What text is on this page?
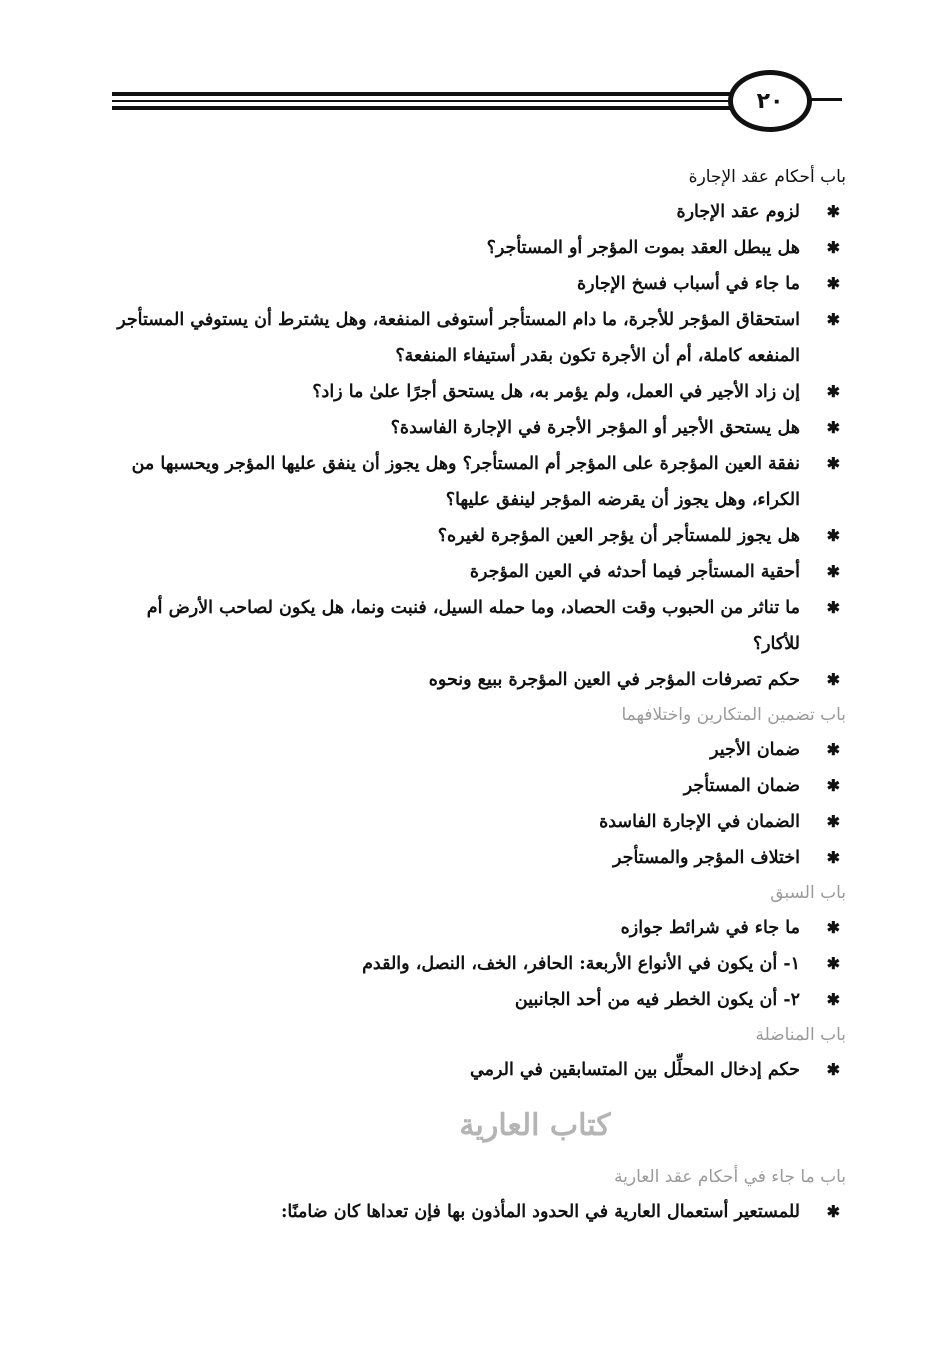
٢٠
باب أحكام عقد الإجارة
✱
لزوم عقد الإجارة
✱
هل يبطل العقد بموت المؤجر أو المستأجر؟
✱
ما جاء في أسباب فسخ الإجارة
✱
استحقاق المؤجر للأجرة، ما دام المستأجر أستوفى المنفعة، وهل يشترط أن يستوفي المستأجر المنفعه كاملة، أم أن الأجرة تكون بقدر أستيفاء المنفعة؟
✱
إن زاد الأجير في العمل، ولم يؤمر به، هل يستحق أجرًا علىٰ ما زاد؟
✱
هل يستحق الأجير أو المؤجر الأجرة في الإجارة الفاسدة؟
✱
نفقة العين المؤجرة على المؤجر أم المستأجر؟ وهل يجوز أن ينفق عليها المؤجر ويحسبها من الكراء، وهل يجوز أن يقرضه المؤجر لينفق عليها؟
✱
هل يجوز للمستأجر أن يؤجر العين المؤجرة لغيره؟
✱
أحقية المستأجر فيما أحدثه في العين المؤجرة
✱
ما تناثر من الحبوب وقت الحصاد، وما حمله السيل، فنبت ونما، هل يكون لصاحب الأرض أم للأكار؟
✱
حكم تصرفات المؤجر في العين المؤجرة ببيع ونحوه
باب تضمين المتكارين واختلافهما
✱
ضمان الأجير
✱
ضمان المستأجر
✱
الضمان في الإجارة الفاسدة
✱
اختلاف المؤجر والمستأجر
باب السبق
✱
ما جاء في شرائط جوازه
✱
١- أن يكون في الأنواع الأربعة: الحافر، الخف، النصل، والقدم
✱
٢- أن يكون الخطر فيه من أحد الجانبين
باب المناضلة
✱
حكم إدخال المحلِّل بين المتسابقين في الرمي
كتاب العارية
باب ما جاء في أحكام عقد العارية
✱
للمستعير أستعمال العارية في الحدود المأذون بها فإن تعداها كان ضامنًا:
